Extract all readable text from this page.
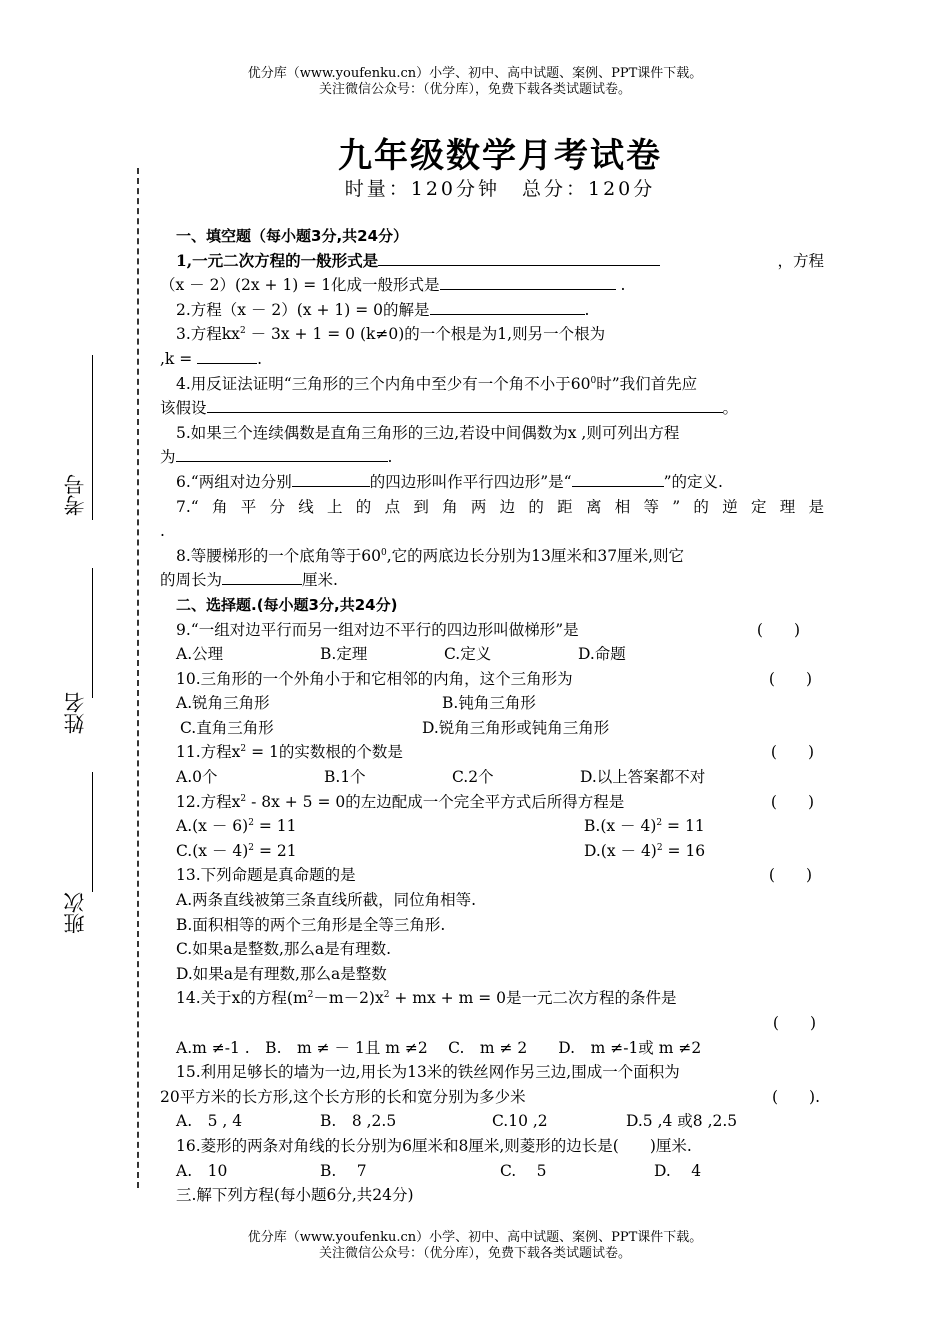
优分库（www.youfenku.cn）小学、初中、高中试题、案例、PPT课件下载。
关注微信公众号：（优分库），免费下载各类试题试卷。
九年级数学月考试卷
时量：120分钟　总分：120分
考号
姓名
班次

一、填空题（每小题3分,共24分）

1,一元二次方程的一般形式是	，方程

（x － 2）(2x + 1) = 1化成一般形式是	.

2.方程（x － 2）(x + 1) = 0的解是	.

3.方程$kx^2 - 3x + 1 = 0$ (k≠0)的一个根是为1,则另一个根为

,k =	.

4.用反证法证明“三角形的三个内角中至少有一个角不小于$60^0$时”我们首先应

该假设	。

5.如果三个连续偶数是直角三角形的三边,若设中间偶数为x ,则可列出方程

为	.

6.“两组对边分别	的四边形叫作平行四边形”是“	”的定义.

7.“角平分线上的点到角两边的距离相等”的逆定理是

.

8.等腰梯形的一个底角等于$60^0$,它的两底边长分别为13厘米和37厘米,则它

的周长为	厘米.

二、选择题.(每小题3分,共24分)

9.“一组对边平行而另一组对边不平行的四边形叫做梯形”是	(　　)

A.公理	B.定理	C.定义	D.命题

10.三角形的一个外角小于和它相邻的内角，这个三角形为	(　　)

A.锐角三角形	B.钝角三角形

C.直角三角形	D.锐角三角形或钝角三角形

11.方程$x^2 = 1$的实数根的个数是	(　　)

A.0个	B.1个	C.2个	D.以上答案都不对

12.方程$x^2 - 8x + 5 = 0$的左边配成一个完全平方式后所得方程是	(　　)

$A.(x - 6)^2 = 11$	$B.(x - 4)^2 = 11$

$C.(x - 4)^2 = 21$	$D.(x - 4)^2 = 16$

13.下列命题是真命题的是	(　　)

A.两条直线被第三条直线所截，同位角相等.

B.面积相等的两个三角形是全等三角形.

C.如果a是整数,那么a是有理数.

D.如果a是有理数,那么a是整数

14.关于x的方程$(m^2-m-2)x^2$ + mx + m = 0是一元二次方程的条件是

(　　)

A.m ≠-1 .　B.　m ≠ － 1且 m ≠2　 C.　m ≠ 2　　D.　m ≠-1或 m ≠2

15.利用足够长的墙为一边,用长为13米的铁丝网作另三边,围成一个面积为

20平方米的长方形,这个长方形的长和宽分别为多少米	(　　).

A.　5 , 4	B.　8 ,2.5	C.10 ,2	D.5 ,4 或8 ,2.5

16.菱形的两条对角线的长分别为6厘米和8厘米,则菱形的边长是(　　)厘米.

A.　10	B.　 7	C.　 5	D.　 4

三.解下列方程(每小题6分,共24分)

优分库（www.youfenku.cn）小学、初中、高中试题、案例、PPT课件下载。
关注微信公众号：（优分库），免费下载各类试题试卷。
